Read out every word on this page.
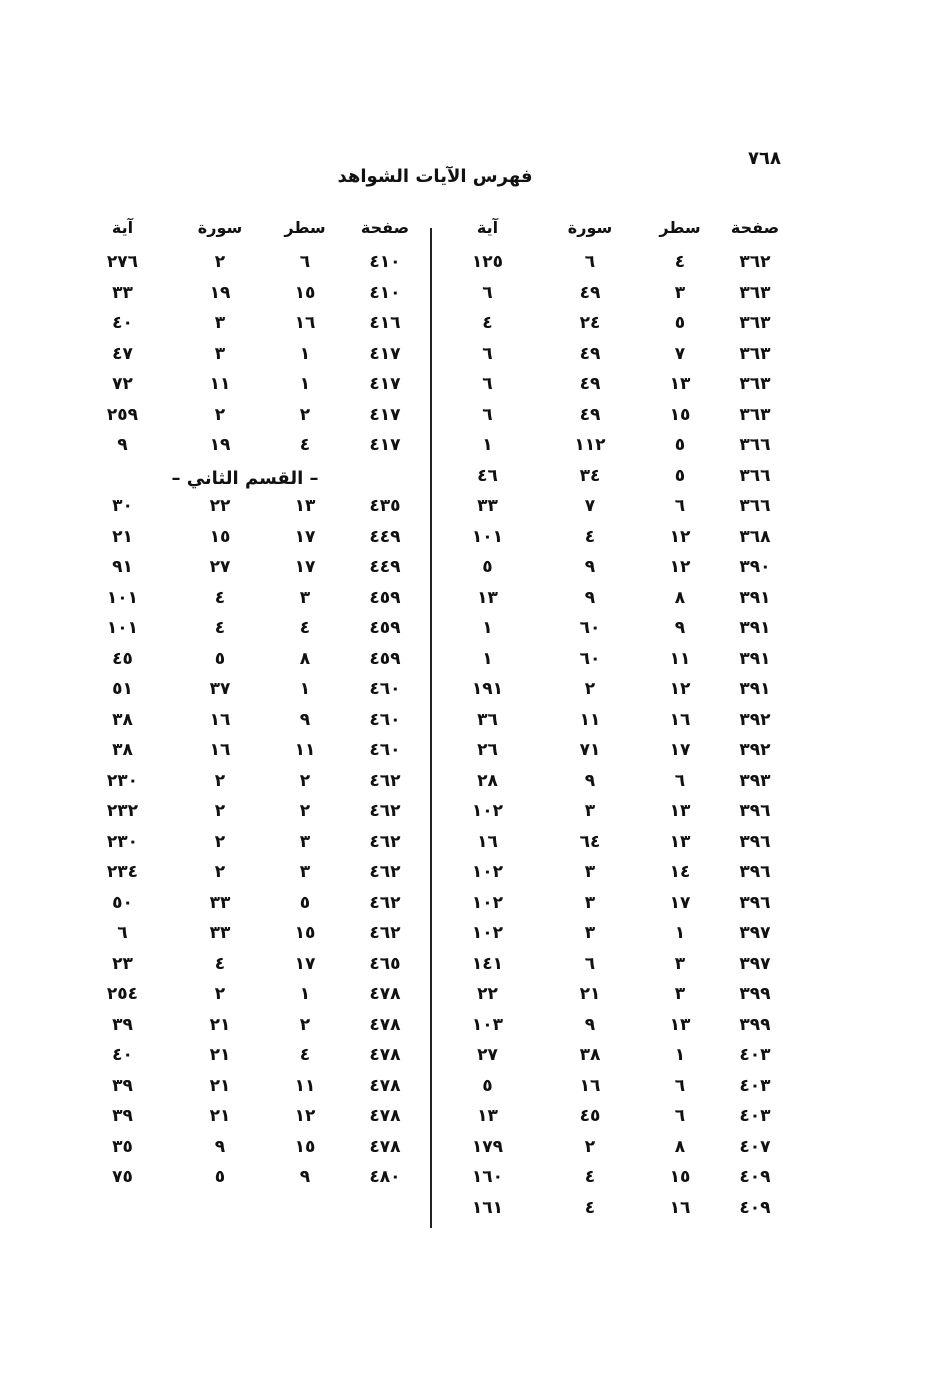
٧٦٨
فهرس الآيات الشواهد
صفحة
سطر
سورة
آية
٣٦٢
٤
٦
١٢٥
٣٦٣
٣
٤٩
٦
٣٦٣
٥
٢٤
٤
٣٦٣
٧
٤٩
٦
٣٦٣
١٣
٤٩
٦
٣٦٣
١٥
٤٩
٦
٣٦٦
٥
١١٢
١
٣٦٦
٥
٣٤
٤٦
٣٦٦
٦
٧
٣٣
٣٦٨
١٢
٤
١٠١
٣٩٠
١٢
٩
٥
٣٩١
٨
٩
١٣
٣٩١
٩
٦٠
١
٣٩١
١١
٦٠
١
٣٩١
١٢
٢
١٩١
٣٩٢
١٦
١١
٣٦
٣٩٢
١٧
٧١
٢٦
٣٩٣
٦
٩
٢٨
٣٩٦
١٣
٣
١٠٢
٣٩٦
١٣
٦٤
١٦
٣٩٦
١٤
٣
١٠٢
٣٩٦
١٧
٣
١٠٢
٣٩٧
١
٣
١٠٢
٣٩٧
٣
٦
١٤١
٣٩٩
٣
٢١
٢٢
٣٩٩
١٣
٩
١٠٣
٤٠٣
١
٣٨
٢٧
٤٠٣
٦
١٦
٥
٤٠٣
٦
٤٥
١٣
٤٠٧
٨
٢
١٧٩
٤٠٩
١٥
٤
١٦٠
٤٠٩
١٦
٤
١٦١
صفحة
سطر
سورة
آية
٤١٠
٦
٢
٢٧٦
٤١٠
١٥
١٩
٣٣
٤١٦
١٦
٣
٤٠
٤١٧
١
٣
٤٧
٤١٧
١
١١
٧٢
٤١٧
٢
٢
٢٥٩
٤١٧
٤
١٩
٩
– القسم الثاني –
٤٣٥
١٣
٢٢
٣٠
٤٤٩
١٧
١٥
٢١
٤٤٩
١٧
٢٧
٩١
٤٥٩
٣
٤
١٠١
٤٥٩
٤
٤
١٠١
٤٥٩
٨
٥
٤٥
٤٦٠
١
٣٧
٥١
٤٦٠
٩
١٦
٣٨
٤٦٠
١١
١٦
٣٨
٤٦٢
٢
٢
٢٣٠
٤٦٢
٢
٢
٢٣٢
٤٦٢
٣
٢
٢٣٠
٤٦٢
٣
٢
٢٣٤
٤٦٢
٥
٣٣
٥٠
٤٦٢
١٥
٣٣
٦
٤٦٥
١٧
٤
٢٣
٤٧٨
١
٢
٢٥٤
٤٧٨
٢
٢١
٣٩
٤٧٨
٤
٢١
٤٠
٤٧٨
١١
٢١
٣٩
٤٧٨
١٢
٢١
٣٩
٤٧٨
١٥
٩
٣٥
٤٨٠
٩
٥
٧٥
